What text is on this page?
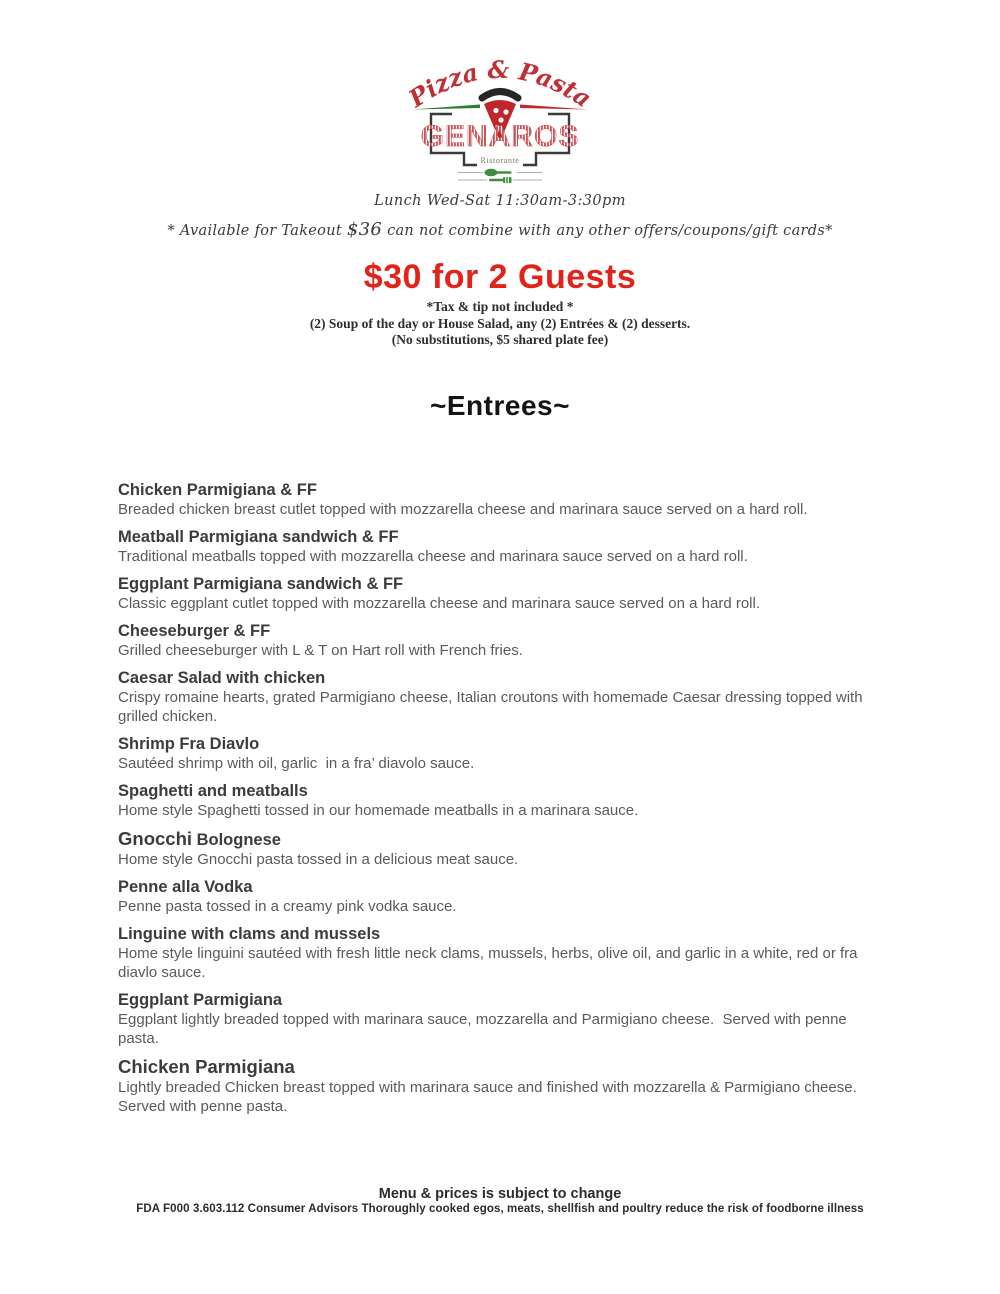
Pizza & Pasta
GENAROS
Ristorante
Lunch Wed-Sat 11:30am-3:30pm
* Available for Takeout $36 can not combine with any other offers/coupons/gift cards*
$30 for 2 Guests
*Tax & tip not included *
(2) Soup of the day or House Salad, any (2) Entrées & (2) desserts.
(No substitutions, $5 shared plate fee)
~Entrees~
Chicken Parmigiana & FF
Breaded chicken breast cutlet topped with mozzarella cheese and marinara sauce served on a hard roll.
Meatball Parmigiana sandwich & FF
Traditional meatballs topped with mozzarella cheese and marinara sauce served on a hard roll.
Eggplant Parmigiana sandwich & FF
Classic eggplant cutlet topped with mozzarella cheese and marinara sauce served on a hard roll.
Cheeseburger & FF
Grilled cheeseburger with L & T on Hart roll with French fries.
Caesar Salad with chicken
Crispy romaine hearts, grated Parmigiano cheese, Italian croutons with homemade Caesar dressing topped with grilled chicken.
Shrimp Fra Diavlo
Sautéed shrimp with oil, garlic  in a fra’ diavolo sauce.
Spaghetti and meatballs
Home style Spaghetti tossed in our homemade meatballs in a marinara sauce.
Gnocchi Bolognese
Home style Gnocchi pasta tossed in a delicious meat sauce.
Penne alla Vodka
Penne pasta tossed in a creamy pink vodka sauce.
Linguine with clams and mussels
Home style linguini sautéed with fresh little neck clams, mussels, herbs, olive oil, and garlic in a white, red or fra diavlo sauce.
Eggplant Parmigiana
Eggplant lightly breaded topped with marinara sauce, mozzarella and Parmigiano cheese.  Served with penne pasta.
Chicken Parmigiana
Lightly breaded Chicken breast topped with marinara sauce and finished with mozzarella & Parmigiano cheese. Served with penne pasta.
Menu & prices is subject to change
FDA F000 3.603.112 Consumer Advisors Thoroughly cooked egos, meats, shellfish and poultry reduce the risk of foodborne illness
